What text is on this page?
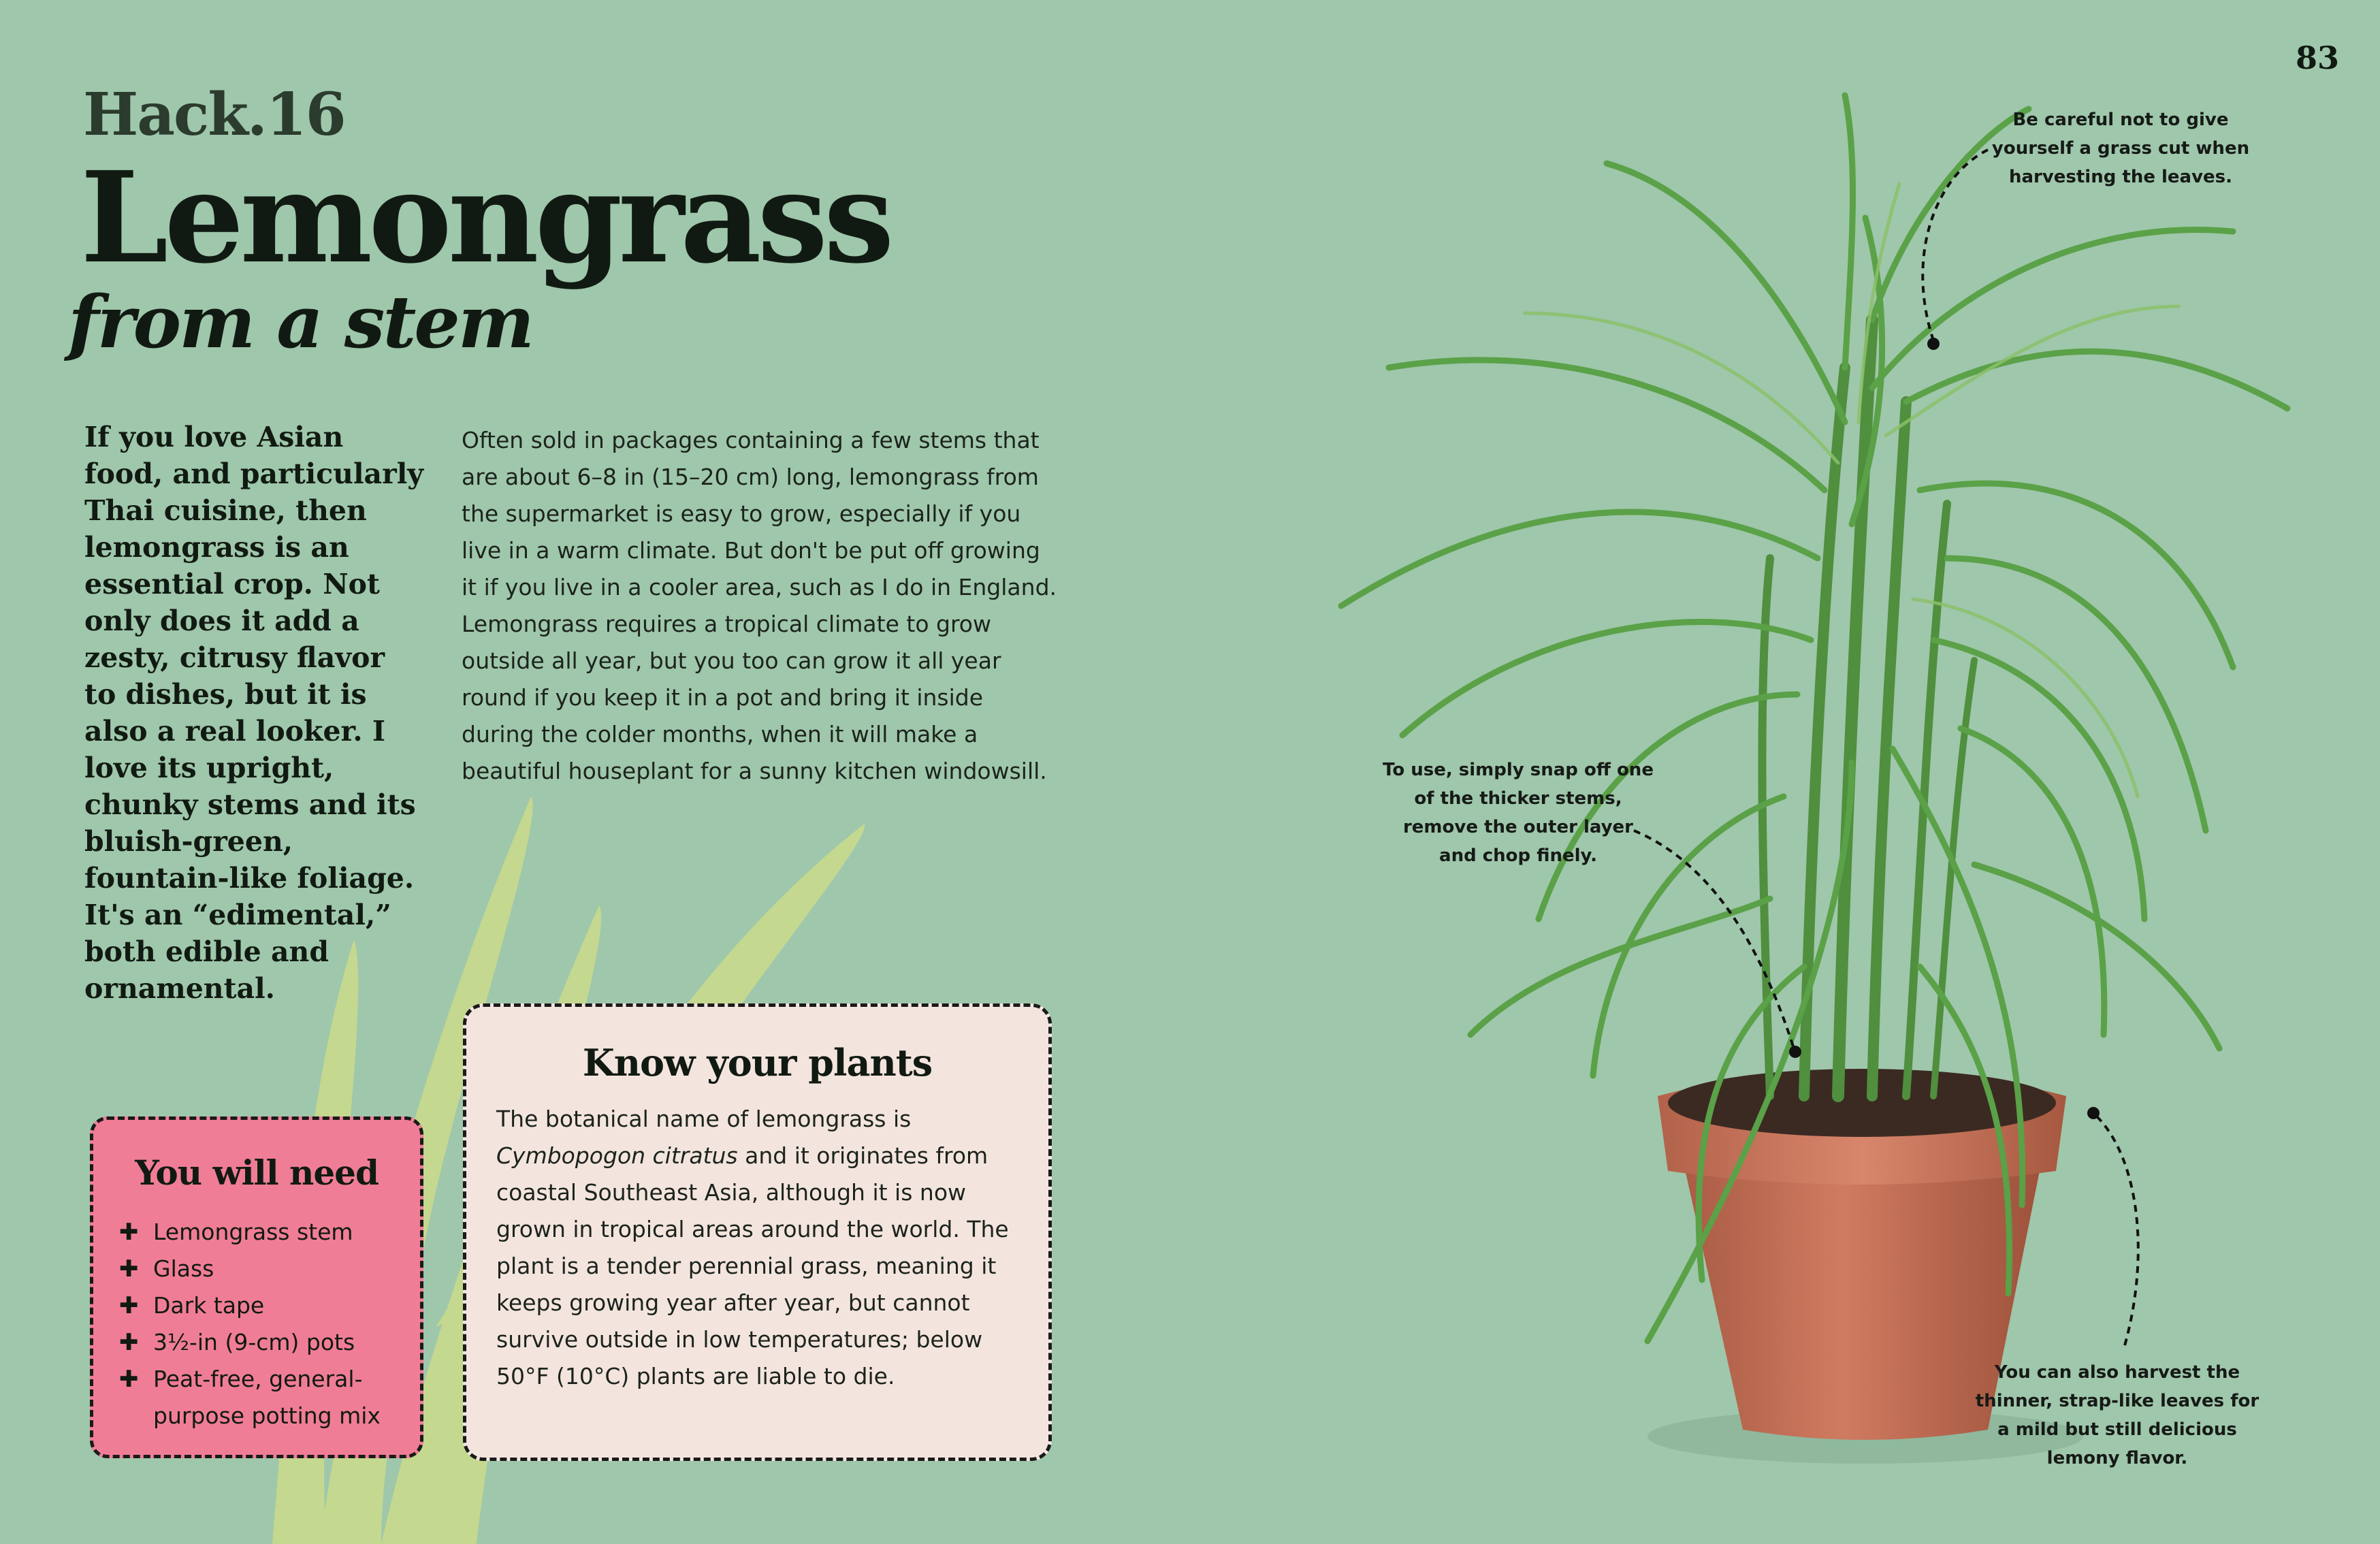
83
Hack.16
Lemongrass
from a stem
If you love Asian food, and particularly Thai cuisine, then lemongrass is an essential crop. Not only does it add a zesty, citrusy flavor to dishes, but it is also a real looker. I love its upright, chunky stems and its bluish-green, fountain-like foliage. It's an “edimental,” both edible and ornamental.
Often sold in packages containing a few stems that are about 6–8 in (15–20 cm) long, lemongrass from the supermarket is easy to grow, especially if you live in a warm climate. But don't be put off growing it if you live in a cooler area, such as I do in England. Lemongrass requires a tropical climate to grow outside all year, but you too can grow it all year round if you keep it in a pot and bring it inside during the colder months, when it will make a beautiful houseplant for a sunny kitchen windowsill.
You will need
✚ Lemongrass stem
✚ Glass
✚ Dark tape
✚ 3½-in (9-cm) pots
✚ Peat-free, general-purpose potting mix
Know your plants
The botanical name of lemongrass is Cymbopogon citratus and it originates from coastal Southeast Asia, although it is now grown in tropical areas around the world. The plant is a tender perennial grass, meaning it keeps growing year after year, but cannot survive outside in low temperatures; below 50°F (10°C) plants are liable to die.
Be careful not to give yourself a grass cut when harvesting the leaves.
To use, simply snap off one of the thicker stems, remove the outer layer and chop finely.
You can also harvest the thinner, strap-like leaves for a mild but still delicious lemony flavor.
